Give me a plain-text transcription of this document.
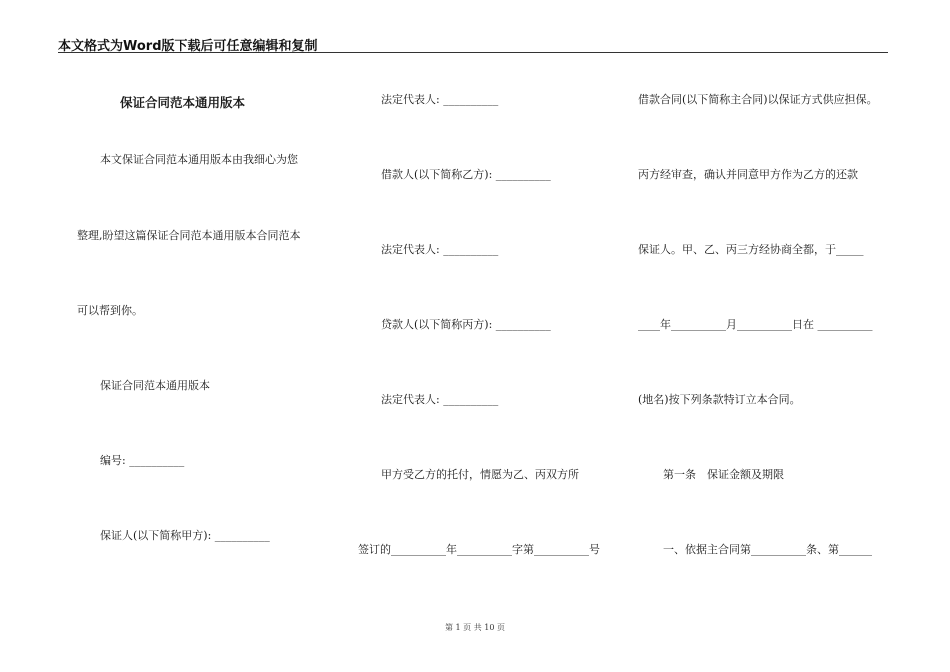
本文格式为Word版下载后可任意编辑和复制
保证合同范本通用版本
本文保证合同范本通用版本由我细心为您
整理,盼望这篇保证合同范本通用版本合同范本
可以帮到你。
保证合同范本通用版本
编号: __________
保证人(以下简称甲方): __________
法定代表人: __________
借款人(以下简称乙方): __________
法定代表人: __________
贷款人(以下简称丙方): __________
法定代表人: __________
甲方受乙方的托付，情愿为乙、丙双方所
签订的__________年__________字第__________号
借款合同(以下简称主合同)以保证方式供应担保。
丙方经审查，确认并同意甲方作为乙方的还款
保证人。甲、乙、丙三方经协商全都，于_____
____年__________月__________日在 __________
(地名)按下列条款特订立本合同。
第一条　保证金额及期限
一、依据主合同第__________条、第______
第 1 页 共 10 页
